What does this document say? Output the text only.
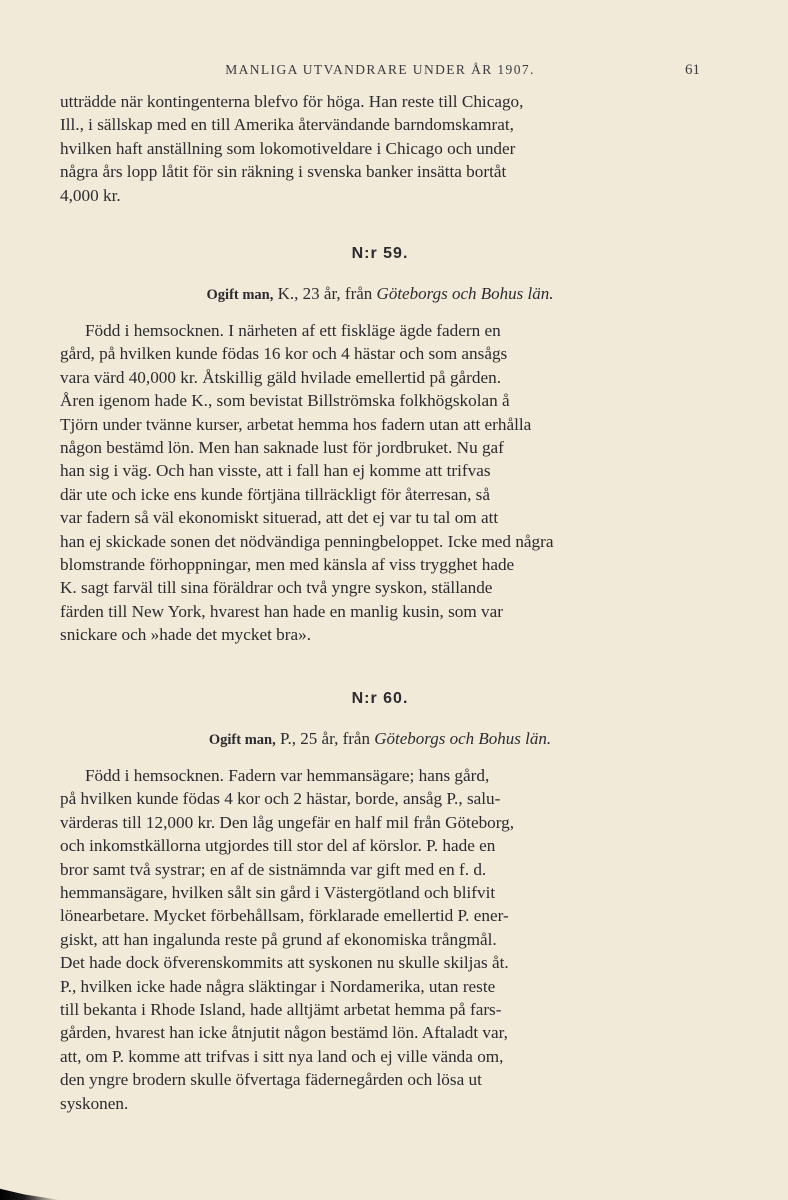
MANLIGA UTVANDRARE UNDER ÅR 1907.	61

utträdde när kontingenterna blefvo för höga. Han reste till Chicago,

Ill., i sällskap med en till Amerika återvändande barndomskamrat,

hvilken haft anställning som lokomotiveldare i Chicago och under

några års lopp låtit för sin räkning i svenska banker insätta bortåt

4,000 kr.

N:r 59.
Ogift man, K., 23 år, från Göteborgs och Bohus län.

Född i hemsocknen. I närheten af ett fiskläge ägde fadern en

gård, på hvilken kunde födas 16 kor och 4 hästar och som ansågs

vara värd 40,000 kr. Åtskillig gäld hvilade emellertid på gården.

Åren igenom hade K., som bevistat Billströmska folkhögskolan å

Tjörn under tvänne kurser, arbetat hemma hos fadern utan att erhålla

någon bestämd lön. Men han saknade lust för jordbruket. Nu gaf

han sig i väg. Och han visste, att i fall han ej komme att trifvas

där ute och icke ens kunde förtjäna tillräckligt för återresan, så

var fadern så väl ekonomiskt situerad, att det ej var tu tal om att

han ej skickade sonen det nödvändiga penningbeloppet. Icke med några

blomstrande förhoppningar, men med känsla af viss trygghet hade

K. sagt farväl till sina föräldrar och två yngre syskon, ställande

färden till New York, hvarest han hade en manlig kusin, som var

snickare och »hade det mycket bra».

N:r 60.
Ogift man, P., 25 år, från Göteborgs och Bohus län.

Född i hemsocknen. Fadern var hemmansägare; hans gård,

på hvilken kunde födas 4 kor och 2 hästar, borde, ansåg P., salu-

värderas till 12,000 kr. Den låg ungefär en half mil från Göteborg,

och inkomstkällorna utgjordes till stor del af körslor. P. hade en

bror samt två systrar; en af de sistnämnda var gift med en f. d.

hemmansägare, hvilken sålt sin gård i Västergötland och blifvit

lönearbetare. Mycket förbehållsam, förklarade emellertid P. ener-

giskt, att han ingalunda reste på grund af ekonomiska trångmål.

Det hade dock öfverenskommits att syskonen nu skulle skiljas åt.

P., hvilken icke hade några släktingar i Nordamerika, utan reste

till bekanta i Rhode Island, hade alltjämt arbetat hemma på fars-

gården, hvarest han icke åtnjutit någon bestämd lön. Aftaladt var,

att, om P. komme att trifvas i sitt nya land och ej ville vända om,

den yngre brodern skulle öfvertaga fädernegården och lösa ut

syskonen.
